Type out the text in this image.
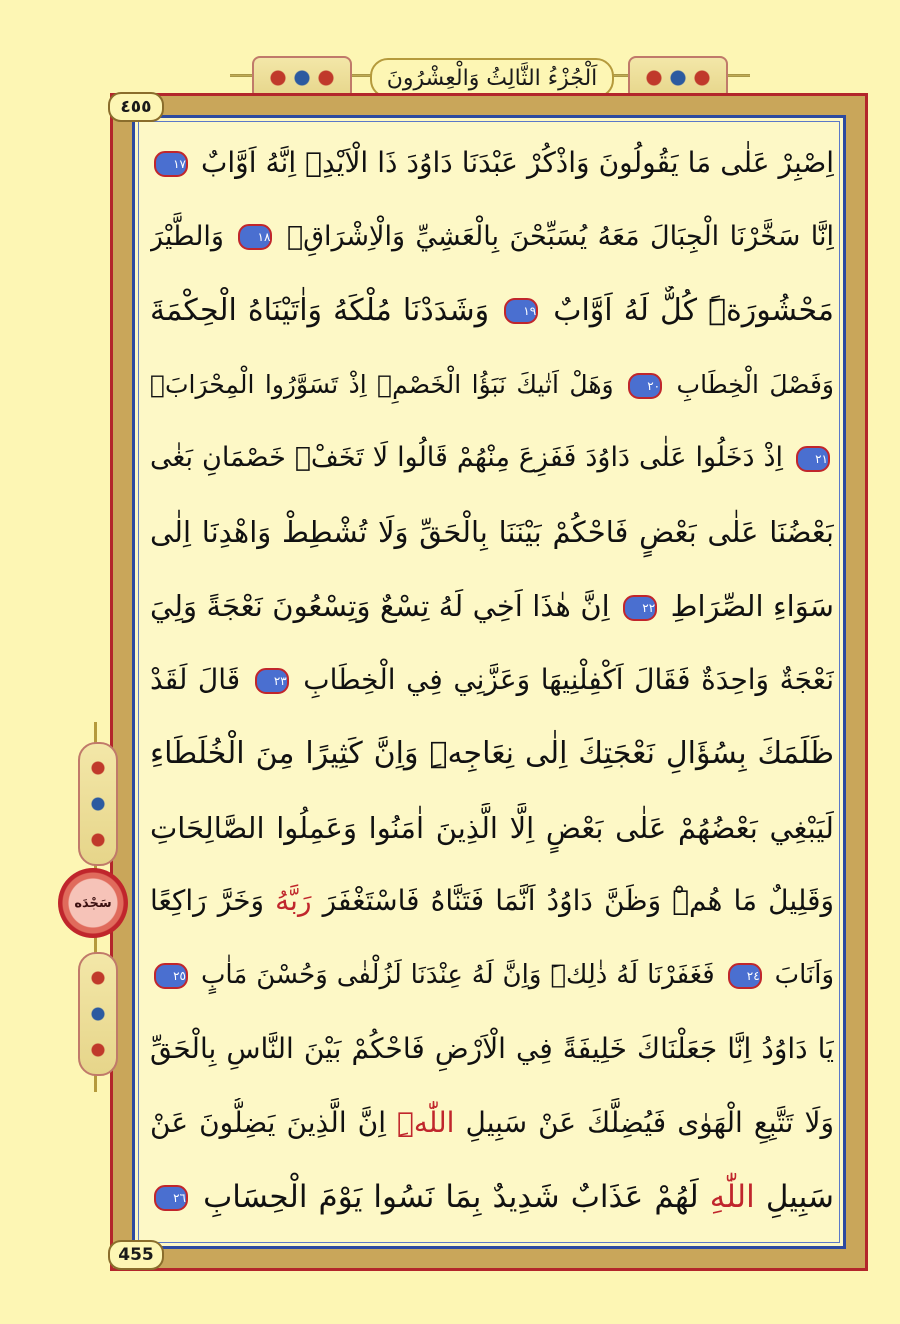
اَلْجُزْءُ الثَّالِثُ وَالْعِشْرُونَ
٤٥٥
455
سَجْدَه
اِصْبِرْ عَلٰى مَا يَقُولُونَ وَاذْكُرْ عَبْدَنَا دَاوُدَ ذَا الْاَيْدِۚ اِنَّهُ اَوَّابٌ ١٧
اِنَّا سَخَّرْنَا الْجِبَالَ مَعَهُ يُسَبِّحْنَ بِالْعَشِيِّ وَالْاِشْرَاقِۙ ١٨ وَالطَّيْرَ
مَحْشُورَةًۜ كُلٌّ لَهُ اَوَّابٌ ١٩ وَشَدَدْنَا مُلْكَهُ وَاٰتَيْنَاهُ الْحِكْمَةَ
وَفَصْلَ الْخِطَابِ ٢٠ وَهَلْ اَتٰيكَ نَبَؤُا الْخَصْمِۢ اِذْ تَسَوَّرُوا الْمِحْرَابَۙ
٢١ اِذْ دَخَلُوا عَلٰى دَاوُدَ فَفَزِعَ مِنْهُمْ قَالُوا لَا تَخَفْۚ خَصْمَانِ بَغٰى
بَعْضُنَا عَلٰى بَعْضٍ فَاحْكُمْ بَيْنَنَا بِالْحَقِّ وَلَا تُشْطِطْ وَاهْدِنَا اِلٰى
سَوَاءِ الصِّرَاطِ ٢٢ اِنَّ هٰذَا اَخِي لَهُ تِسْعٌ وَتِسْعُونَ نَعْجَةً وَلِيَ
نَعْجَةٌ وَاحِدَةٌ فَقَالَ اَكْفِلْنِيهَا وَعَزَّنِي فِي الْخِطَابِ ٢٣ قَالَ لَقَدْ
ظَلَمَكَ بِسُؤَالِ نَعْجَتِكَ اِلٰى نِعَاجِهِۜ وَاِنَّ كَثِيرًا مِنَ الْخُلَطَاءِ
لَيَبْغِي بَعْضُهُمْ عَلٰى بَعْضٍ اِلَّا الَّذِينَ اٰمَنُوا وَعَمِلُوا الصَّالِحَاتِ
وَقَلِيلٌ مَا هُمْۜ وَظَنَّ دَاوُدُ اَنَّمَا فَتَنَّاهُ فَاسْتَغْفَرَ رَبَّهُ وَخَرَّ رَاكِعًا
وَاَنَابَ ٢٤ فَغَفَرْنَا لَهُ ذٰلِكَۜ وَاِنَّ لَهُ عِنْدَنَا لَزُلْفٰى وَحُسْنَ مَاٰبٍ ٢٥
يَا دَاوُدُ اِنَّا جَعَلْنَاكَ خَلِيفَةً فِي الْاَرْضِ فَاحْكُمْ بَيْنَ النَّاسِ بِالْحَقِّ
وَلَا تَتَّبِعِ الْهَوٰى فَيُضِلَّكَ عَنْ سَبِيلِ اللّٰهِۜ اِنَّ الَّذِينَ يَضِلُّونَ عَنْ
سَبِيلِ اللّٰهِ لَهُمْ عَذَابٌ شَدِيدٌ بِمَا نَسُوا يَوْمَ الْحِسَابِ ٢٦
